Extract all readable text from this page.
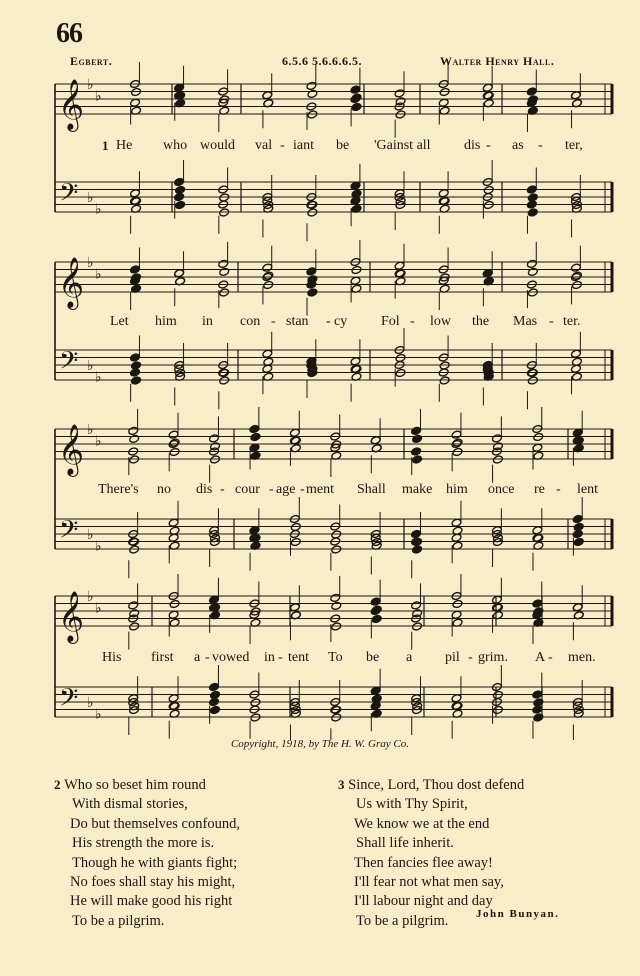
66
Egbert.	6.5.6 5.6.6.6.5.	Walter Henry Hall.
𝄞
𝄢
♭
♭
♭
♭
𝄞
𝄢
♭
♭
♭
♭
𝄞
𝄢
♭
♭
♭
♭
𝄞
𝄢
♭
♭
♭
♭
1 He who would val - iant be 'Gainst all dis - as - ter,
Let him in con - stan - cy Fol - low the Mas - ter.
There's no dis - cour - age - ment Shall make him once re - lent
His first a - vowed in - tent To be a pil - grim. A - men.
Copyright, 1918, by The H. W. Gray Co.
2 Who so beset him round
With dismal stories,
Do but themselves confound,
His strength the more is.
Though he with giants fight;
No foes shall stay his might,
He will make good his right
To be a pilgrim.
3 Since, Lord, Thou dost defend
Us with Thy Spirit,
We know we at the end
Shall life inherit.
Then fancies flee away!
I'll fear not what men say,
I'll labour night and day
To be a pilgrim.	John Bunyan.
